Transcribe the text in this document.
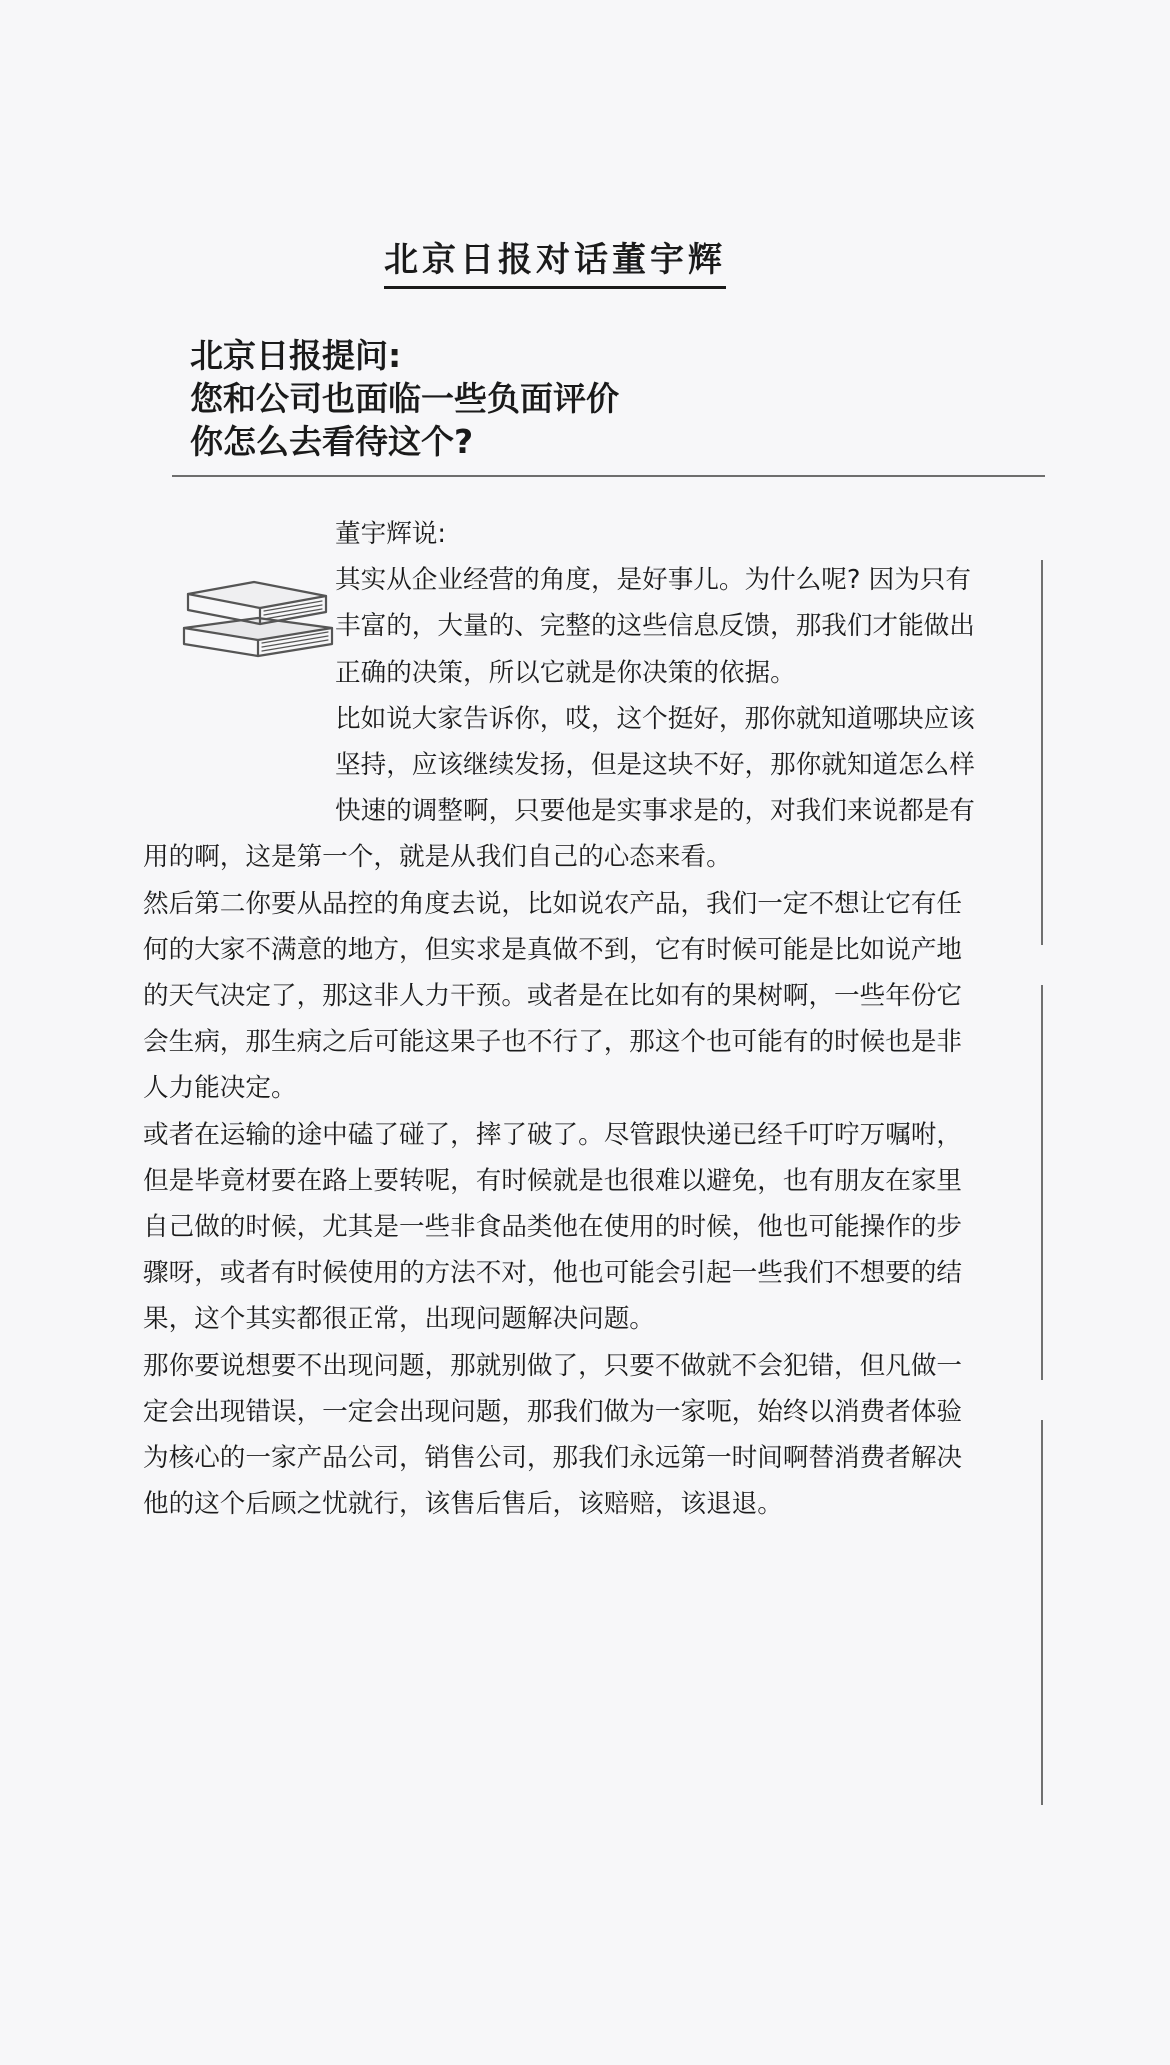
北京日报对话董宇辉
北京日报提问:
您和公司也面临一些负面评价
你怎么去看待这个?
董宇辉说:
其实从企业经营的角度，是好事儿。为什么呢? 因为只有
丰富的，大量的、完整的这些信息反馈，那我们才能做出
正确的决策，所以它就是你决策的依据。
比如说大家告诉你，哎，这个挺好，那你就知道哪块应该
坚持，应该继续发扬，但是这块不好，那你就知道怎么样
快速的调整啊，只要他是实事求是的，对我们来说都是有
用的啊，这是第一个，就是从我们自己的心态来看。
然后第二你要从品控的角度去说，比如说农产品，我们一定不想让它有任
何的大家不满意的地方，但实求是真做不到，它有时候可能是比如说产地
的天气决定了，那这非人力干预。或者是在比如有的果树啊，一些年份它
会生病，那生病之后可能这果子也不行了，那这个也可能有的时候也是非
人力能决定。
或者在运输的途中磕了碰了，摔了破了。尽管跟快递已经千叮咛万嘱咐，
但是毕竟材要在路上要转呢，有时候就是也很难以避免，也有朋友在家里
自己做的时候，尤其是一些非食品类他在使用的时候，他也可能操作的步
骤呀，或者有时候使用的方法不对，他也可能会引起一些我们不想要的结
果，这个其实都很正常，出现问题解决问题。
那你要说想要不出现问题，那就别做了，只要不做就不会犯错，但凡做一
定会出现错误，一定会出现问题，那我们做为一家呃，始终以消费者体验
为核心的一家产品公司，销售公司，那我们永远第一时间啊替消费者解决
他的这个后顾之忧就行，该售后售后，该赔赔，该退退。
